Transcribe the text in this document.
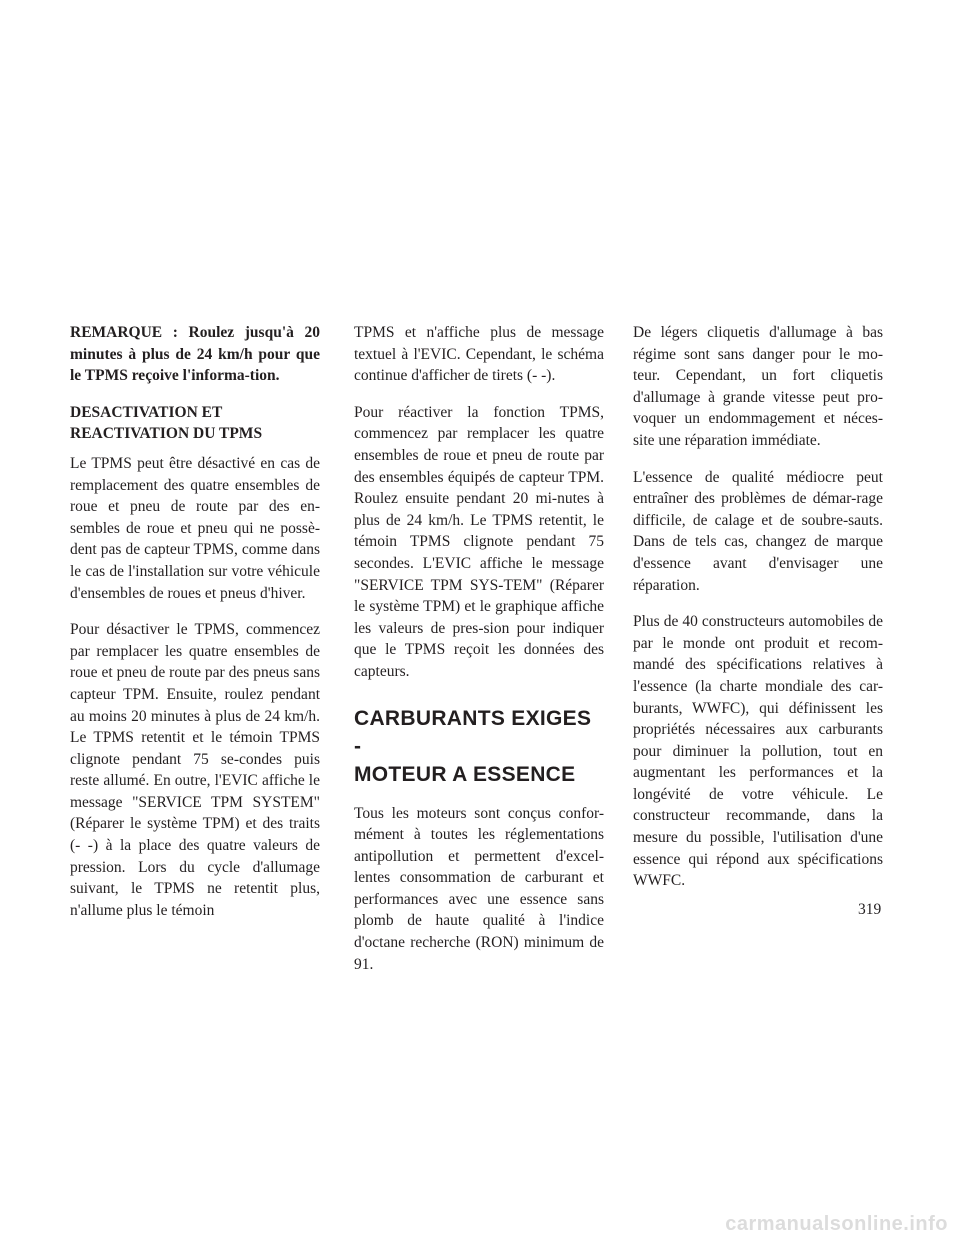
REMARQUE : Roulez jusqu'à 20 minutes à plus de 24 km/h pour que le TPMS reçoive l'informa-tion.

DESACTIVATION ET
REACTIVATION DU TPMS

Le TPMS peut être désactivé en cas de remplacement des quatre ensembles de roue et pneu de route par des en-sembles de roue et pneu qui ne possè-dent pas de capteur TPMS, comme dans le cas de l'installation sur votre véhicule d'ensembles de roues et pneus d'hiver.

Pour désactiver le TPMS, commencez par remplacer les quatre ensembles de roue et pneu de route par des pneus sans capteur TPM. Ensuite, roulez pendant au moins 20 minutes à plus de 24 km/h. Le TPMS retentit et le témoin TPMS clignote pendant 75 se-condes puis reste allumé. En outre, l'EVIC affiche le message "SERVICE TPM SYSTEM" (Réparer le système TPM) et des traits (- -) à la place des quatre valeurs de pression. Lors du cycle d'allumage suivant, le TPMS ne retentit plus, n'allume plus le témoin

TPMS et n'affiche plus de message textuel à l'EVIC. Cependant, le schéma continue d'afficher de tirets (- -).

Pour réactiver la fonction TPMS, commencez par remplacer les quatre ensembles de roue et pneu de route par des ensembles équipés de capteur TPM. Roulez ensuite pendant 20 mi-nutes à plus de 24 km/h. Le TPMS retentit, le témoin TPMS clignote pendant 75 secondes. L'EVIC affiche le message "SERVICE TPM SYS-TEM" (Réparer le système TPM) et le graphique affiche les valeurs de pres-sion pour indiquer que le TPMS reçoit les données des capteurs.

CARBURANTS EXIGES -
MOTEUR A ESSENCE

Tous les moteurs sont conçus confor-mément à toutes les réglementations antipollution et permettent d'excel-lentes consommation de carburant et performances avec une essence sans plomb de haute qualité à l'indice d'octane recherche (RON) minimum de 91.

De légers cliquetis d'allumage à bas régime sont sans danger pour le mo-teur. Cependant, un fort cliquetis d'allumage à grande vitesse peut pro-voquer un endommagement et néces-site une réparation immédiate.

L'essence de qualité médiocre peut entraîner des problèmes de démar-rage difficile, de calage et de soubre-sauts. Dans de tels cas, changez de marque d'essence avant d'envisager une réparation.

Plus de 40 constructeurs automobiles de par le monde ont produit et recom-mandé des spécifications relatives à l'essence (la charte mondiale des car-burants, WWFC), qui définissent les propriétés nécessaires aux carburants pour diminuer la pollution, tout en augmentant les performances et la longévité de votre véhicule. Le constructeur recommande, dans la mesure du possible, l'utilisation d'une essence qui répond aux spécifications WWFC.

319
carmanualsonline.info
